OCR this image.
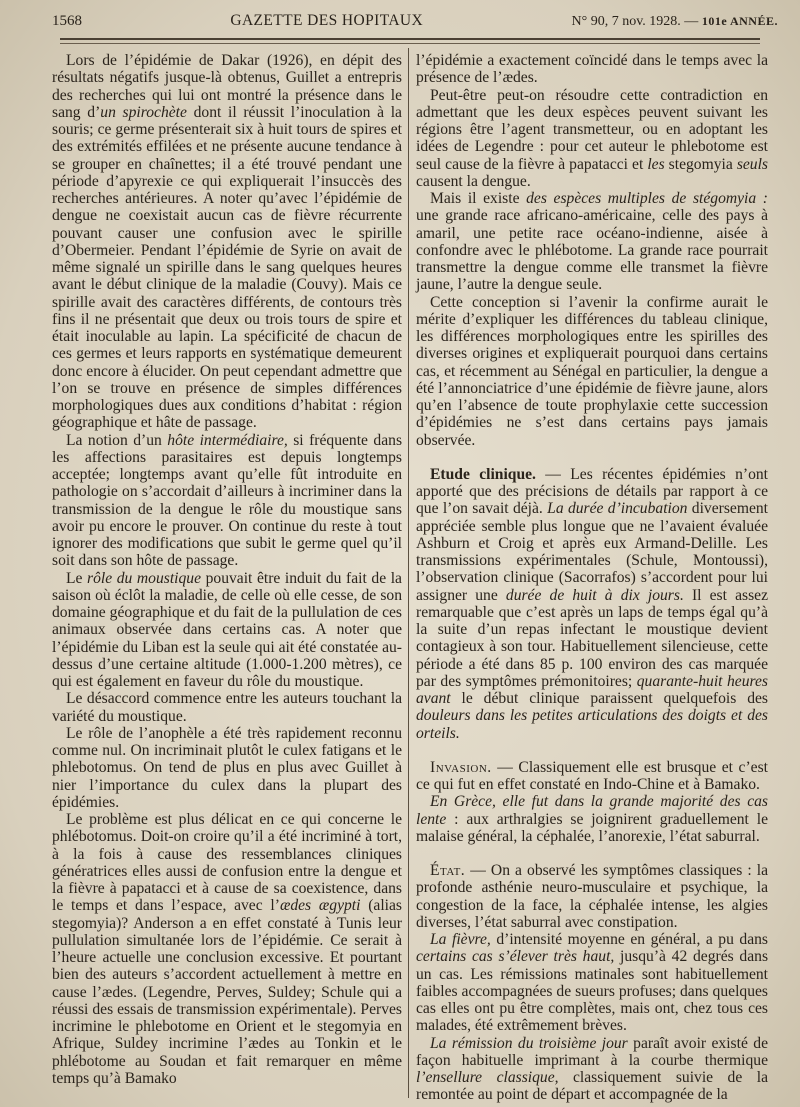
1568	GAZETTE DES HOPITAUX	N° 90, 7 nov. 1928. — 101e ANNÉE.

Lors de l’épidémie de Dakar (1926), en dépit des résultats négatifs jusque-là obtenus, Guillet a entrepris des recherches qui lui ont montré la présence dans le sang d’un spirochète dont il réussit l’inoculation à la souris; ce germe présenterait six à huit tours de spires et des extrémités effilées et ne présente aucune tendance à se grouper en chaînettes; il a été trouvé pendant une période d’apyrexie ce qui expliquerait l’insuccès des recherches antérieures. A noter qu’avec l’épidémie de dengue ne coexistait aucun cas de fièvre récurrente pouvant causer une confusion avec le spirille d’Obermeier. Pendant l’épidémie de Syrie on avait de même signalé un spirille dans le sang quelques heures avant le début clinique de la maladie (Couvy). Mais ce spirille avait des caractères différents, de contours très fins il ne présentait que deux ou trois tours de spire et était inoculable au lapin. La spécificité de chacun de ces germes et leurs rapports en systématique demeurent donc encore à élucider. On peut cependant admettre que l’on se trouve en présence de simples différences morphologiques dues aux conditions d’habitat : région géographique et hâte de passage.

La notion d’un hôte intermédiaire, si fréquente dans les affections parasitaires est depuis longtemps acceptée; longtemps avant qu’elle fût introduite en pathologie on s’accordait d’ailleurs à incriminer dans la transmission de la dengue le rôle du moustique sans avoir pu encore le prouver. On continue du reste à tout ignorer des modifications que subit le germe quel qu’il soit dans son hôte de passage.

Le rôle du moustique pouvait être induit du fait de la saison où éclôt la maladie, de celle où elle cesse, de son domaine géographique et du fait de la pullulation de ces animaux observée dans certains cas. A noter que l’épidémie du Liban est la seule qui ait été constatée au-dessus d’une certaine altitude (1.000-1.200 mètres), ce qui est également en faveur du rôle du moustique.

Le désaccord commence entre les auteurs touchant la variété du moustique.

Le rôle de l’anophèle a été très rapidement reconnu comme nul. On incriminait plutôt le culex fatigans et le phlebotomus. On tend de plus en plus avec Guillet à nier l’importance du culex dans la plupart des épidémies.

Le problème est plus délicat en ce qui concerne le phlébotomus. Doit-on croire qu’il a été incriminé à tort, à la fois à cause des ressemblances cliniques génératrices elles aussi de confusion entre la dengue et la fièvre à papatacci et à cause de sa coexistence, dans le temps et dans l’espace, avec l’ædes ægypti (alias stegomyia)? Anderson a en effet constaté à Tunis leur pullulation simultanée lors de l’épidémie. Ce serait à l’heure actuelle une conclusion excessive. Et pourtant bien des auteurs s’accordent actuellement à mettre en cause l’ædes. (Legendre, Perves, Suldey; Schule qui a réussi des essais de transmission expérimentale). Perves incrimine le phlebotome en Orient et le stegomyia en Afrique, Suldey incrimine l’ædes au Tonkin et le phlébotome au Soudan et fait remarquer en même temps qu’à Bamako

l’épidémie a exactement coïncidé dans le temps avec la présence de l’ædes.

Peut-être peut-on résoudre cette contradiction en admettant que les deux espèces peuvent suivant les régions être l’agent transmetteur, ou en adoptant les idées de Legendre : pour cet auteur le phlebotome est seul cause de la fièvre à papatacci et les stegomyia seuls causent la dengue.

Mais il existe des espèces multiples de stégomyia : une grande race africano-américaine, celle des pays à amaril, une petite race océano-indienne, aisée à confondre avec le phlébotome. La grande race pourrait transmettre la dengue comme elle transmet la fièvre jaune, l’autre la dengue seule.

Cette conception si l’avenir la confirme aurait le mérite d’expliquer les différences du tableau clinique, les différences morphologiques entre les spirilles des diverses origines et expliquerait pourquoi dans certains cas, et récemment au Sénégal en particulier, la dengue a été l’annonciatrice d’une épidémie de fièvre jaune, alors qu’en l’absence de toute prophylaxie cette succession d’épidémies ne s’est dans certains pays jamais observée.

Etude clinique. — Les récentes épidémies n’ont apporté que des précisions de détails par rapport à ce que l’on savait déjà. La durée d’incubation diversement appréciée semble plus longue que ne l’avaient évaluée Ashburn et Croig et après eux Armand-Delille. Les transmissions expérimentales (Schule, Montoussi), l’observation clinique (Sacorrafos) s’accordent pour lui assigner une durée de huit à dix jours. Il est assez remarquable que c’est après un laps de temps égal qu’à la suite d’un repas infectant le moustique devient contagieux à son tour. Habituellement silencieuse, cette période a été dans 85 p. 100 environ des cas marquée par des symptômes prémonitoires; quarante-huit heures avant le début clinique paraissent quelquefois des douleurs dans les petites articulations des doigts et des orteils.

Invasion. — Classiquement elle est brusque et c’est ce qui fut en effet constaté en Indo-Chine et à Bamako.

En Grèce, elle fut dans la grande majorité des cas lente : aux arthralgies se joignirent graduellement le malaise général, la céphalée, l’anorexie, l’état saburral.

État. — On a observé les symptômes classiques : la profonde asthénie neuro-musculaire et psychique, la congestion de la face, la céphalée intense, les algies diverses, l’état saburral avec constipation.

La fièvre, d’intensité moyenne en général, a pu dans certains cas s’élever très haut, jusqu’à 42 degrés dans un cas. Les rémissions matinales sont habituellement faibles accompagnées de sueurs profuses; dans quelques cas elles ont pu être complètes, mais ont, chez tous ces malades, été extrêmement brèves.

La rémission du troisième jour paraît avoir existé de façon habituelle imprimant à la courbe thermique l’ensellure classique, classiquement suivie de la remontée au point de départ et accompagnée de la
